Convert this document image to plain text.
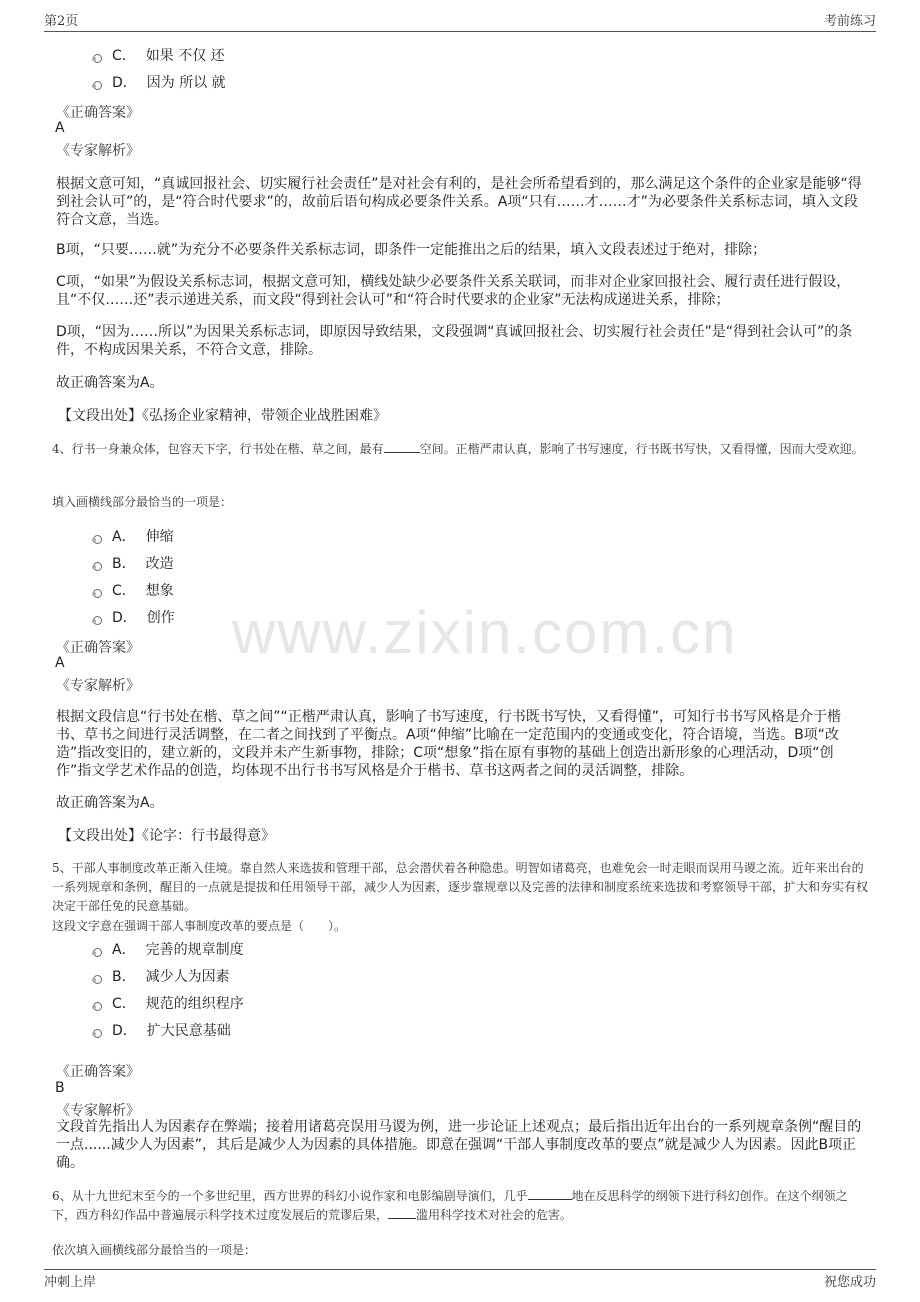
第2页	考前练习
www.zixin.com.cn
C． 如果 不仅 还
D． 因为 所以 就
《正确答案》
A
《专家解析》
根据文意可知，“真诚回报社会、切实履行社会责任”是对社会有利的，是社会所希望看到的，那么满足这个条件的企业家是能够“得到社会认可”的，是“符合时代要求”的，故前后语句构成必要条件关系。A项“只有……才……才”为必要条件关系标志词，填入文段符合文意，当选。
B项，“只要……就”为充分不必要条件关系标志词，即条件一定能推出之后的结果，填入文段表述过于绝对，排除；
C项，“如果”为假设关系标志词，根据文意可知，横线处缺少必要条件关系关联词，而非对企业家回报社会、履行责任进行假设，且“不仅……还”表示递进关系，而文段“得到社会认可”和“符合时代要求的企业家”无法构成递进关系，排除；
D项，“因为……所以”为因果关系标志词，即原因导致结果，文段强调“真诚回报社会、切实履行社会责任”是“得到社会认可”的条件，不构成因果关系，不符合文意，排除。
故正确答案为A。
【文段出处】《弘扬企业家精神，带领企业战胜困难》
4、行书一身兼众体，包容天下字，行书处在楷、草之间，最有	空间。正楷严肃认真，影响了书写速度，行书既书写快，又看得懂，因而大受欢迎。
填入画横线部分最恰当的一项是：
A． 伸缩
B． 改造
C． 想象
D． 创作
《正确答案》
A
《专家解析》
根据文段信息“行书处在楷、草之间”“正楷严肃认真，影响了书写速度，行书既书写快，又看得懂”，可知行书书写风格是介于楷书、草书之间进行灵活调整，在二者之间找到了平衡点。A项“伸缩”比喻在一定范围内的变通或变化，符合语境，当选。B项“改造”指改变旧的，建立新的，文段并未产生新事物，排除；C项“想象”指在原有事物的基础上创造出新形象的心理活动，D项“创作”指文学艺术作品的创造，均体现不出行书书写风格是介于楷书、草书这两者之间的灵活调整，排除。
故正确答案为A。
【文段出处】《论字：行书最得意》
5、干部人事制度改革正渐入佳境。靠自然人来选拔和管理干部，总会潜伏着各种隐患。明智如诸葛亮，也难免会一时走眼而误用马谡之流。近年来出台的一系列规章和条例，醒目的一点就是提拔和任用领导干部，减少人为因素，逐步靠规章以及完善的法律和制度系统来选拔和考察领导干部，扩大和夯实有权决定干部任免的民意基础。
这段文字意在强调干部人事制度改革的要点是（　　）。
A． 完善的规章制度
B． 减少人为因素
C． 规范的组织程序
D． 扩大民意基础
《正确答案》
B
《专家解析》
文段首先指出人为因素存在弊端；接着用诸葛亮误用马谡为例，进一步论证上述观点；最后指出近年出台的一系列规章条例“醒目的一点......减少人为因素”，其后是减少人为因素的具体措施。即意在强调“干部人事制度改革的要点”就是减少人为因素。因此B项正确。
6、从十九世纪末至今的一个多世纪里，西方世界的科幻小说作家和电影编剧导演们，几乎	地在反思科学的纲领下进行科幻创作。在这个纲领之下，西方科幻作品中普遍展示科学技术过度发展后的荒谬后果， 滥用科学技术对社会的危害。
依次填入画横线部分最恰当的一项是：
冲刺上岸	祝您成功
